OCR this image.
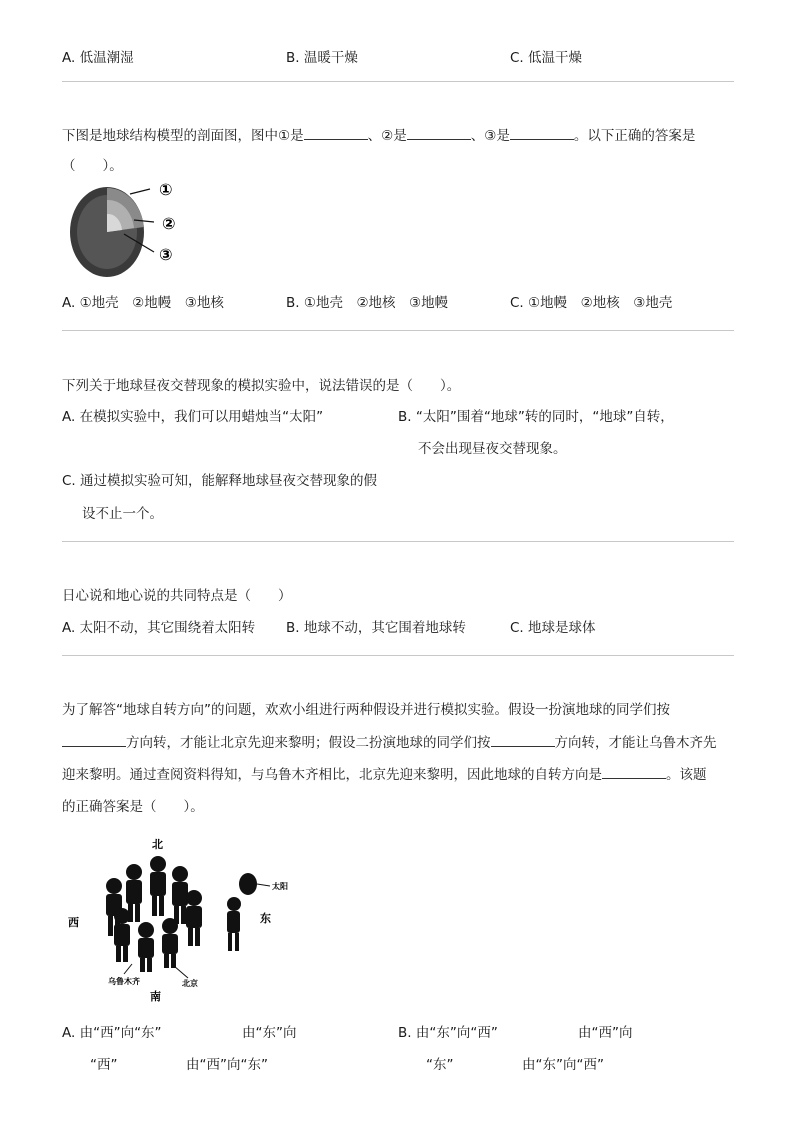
A. 低温潮湿	B. 温暖干燥	C. 低温干燥
下图是地球结构模型的剖面图，图中①是	、②是	、③是	。以下正确的答案是
（　　）。
①
②
③
A. ①地壳　②地幔　③地核	B. ①地壳　②地核　③地幔	C. ①地幔　②地核　③地壳
下列关于地球昼夜交替现象的模拟实验中，说法错误的是（　　）。
A. 在模拟实验中，我们可以用蜡烛当“太阳”	B. “太阳”围着“地球”转的同时，“地球”自转，
不会出现昼夜交替现象。
C. 通过模拟实验可知，能解释地球昼夜交替现象的假
设不止一个。
日心说和地心说的共同特点是（　　）
A. 太阳不动，其它围绕着太阳转 B. 地球不动，其它围着地球转	C. 地球是球体
为了解答“地球自转方向”的问题，欢欢小组进行两种假设并进行模拟实验。假设一扮演地球的同学们按
方向转，才能让北京先迎来黎明；假设二扮演地球的同学们按	方向转，才能让乌鲁木齐先
迎来黎明。通过查阅资料得知，与乌鲁木齐相比，北京先迎来黎明，因此地球的自转方向是	。该题
的正确答案是（　　）。
北
西	东
南
太阳
乌鲁木齐	北京
A. 由“西”向“东”	由“东”向
“西”	由“西”向“东”
B. 由“东”向“西”	由“西”向
“东”	由“东”向“西”
